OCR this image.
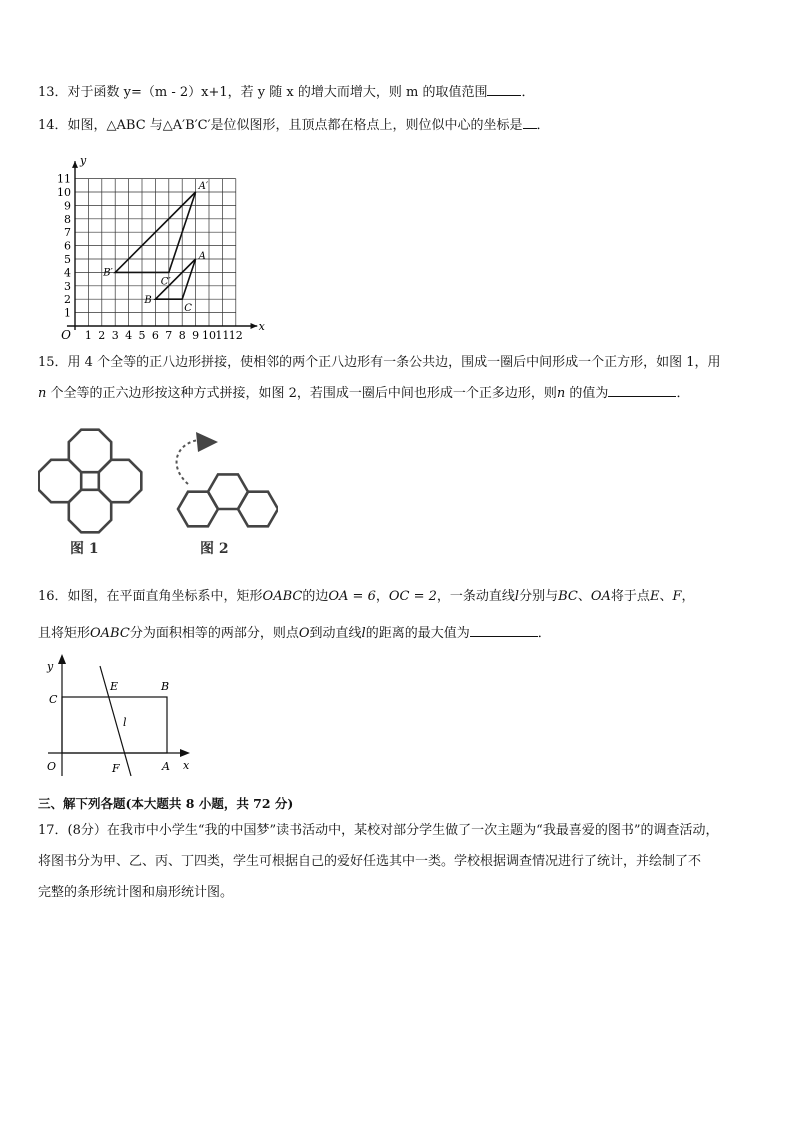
13．对于函数 y=（m - 2）x+1，若 y 随 x 的增大而增大，则 m 的取值范围	．
14．如图，△ABC 与△A′B′C′是位似图形，且顶点都在格点上，则位似中心的坐标是 ．
1 2 3 4 5 6 7 8 9 10 11 12
1
2
3
4
5
6
7
8
9
10
11
O
x
y
A′
B′
C′
A
B
C
15．用 4 个全等的正八边形拼接，使相邻的两个正八边形有一条公共边，围成一圈后中间形成一个正方形，如图 1，用
n 个全等的正六边形按这种方式拼接，如图 2，若围成一圈后中间也形成一个正多边形，则n 的值为	．
图 1	图 2
16．如图，在平面直角坐标系中，矩形OABC的边OA = 6，OC = 2，一条动直线l分别与BC、OA将于点E、F，
且将矩形OABC分为面积相等的两部分，则点O到动直线l的距离的最大值为	．
y
x
O	A
B
C
E
F
l
三、解下列各题(本大题共 8 小题，共 72 分)
17．(8分）在我市中小学生“我的中国梦”读书活动中，某校对部分学生做了一次主题为“我最喜爱的图书”的调查活动，
将图书分为甲、乙、丙、丁四类，学生可根据自己的爱好任选其中一类。学校根据调查情况进行了统计，并绘制了不
完整的条形统计图和扇形统计图。
